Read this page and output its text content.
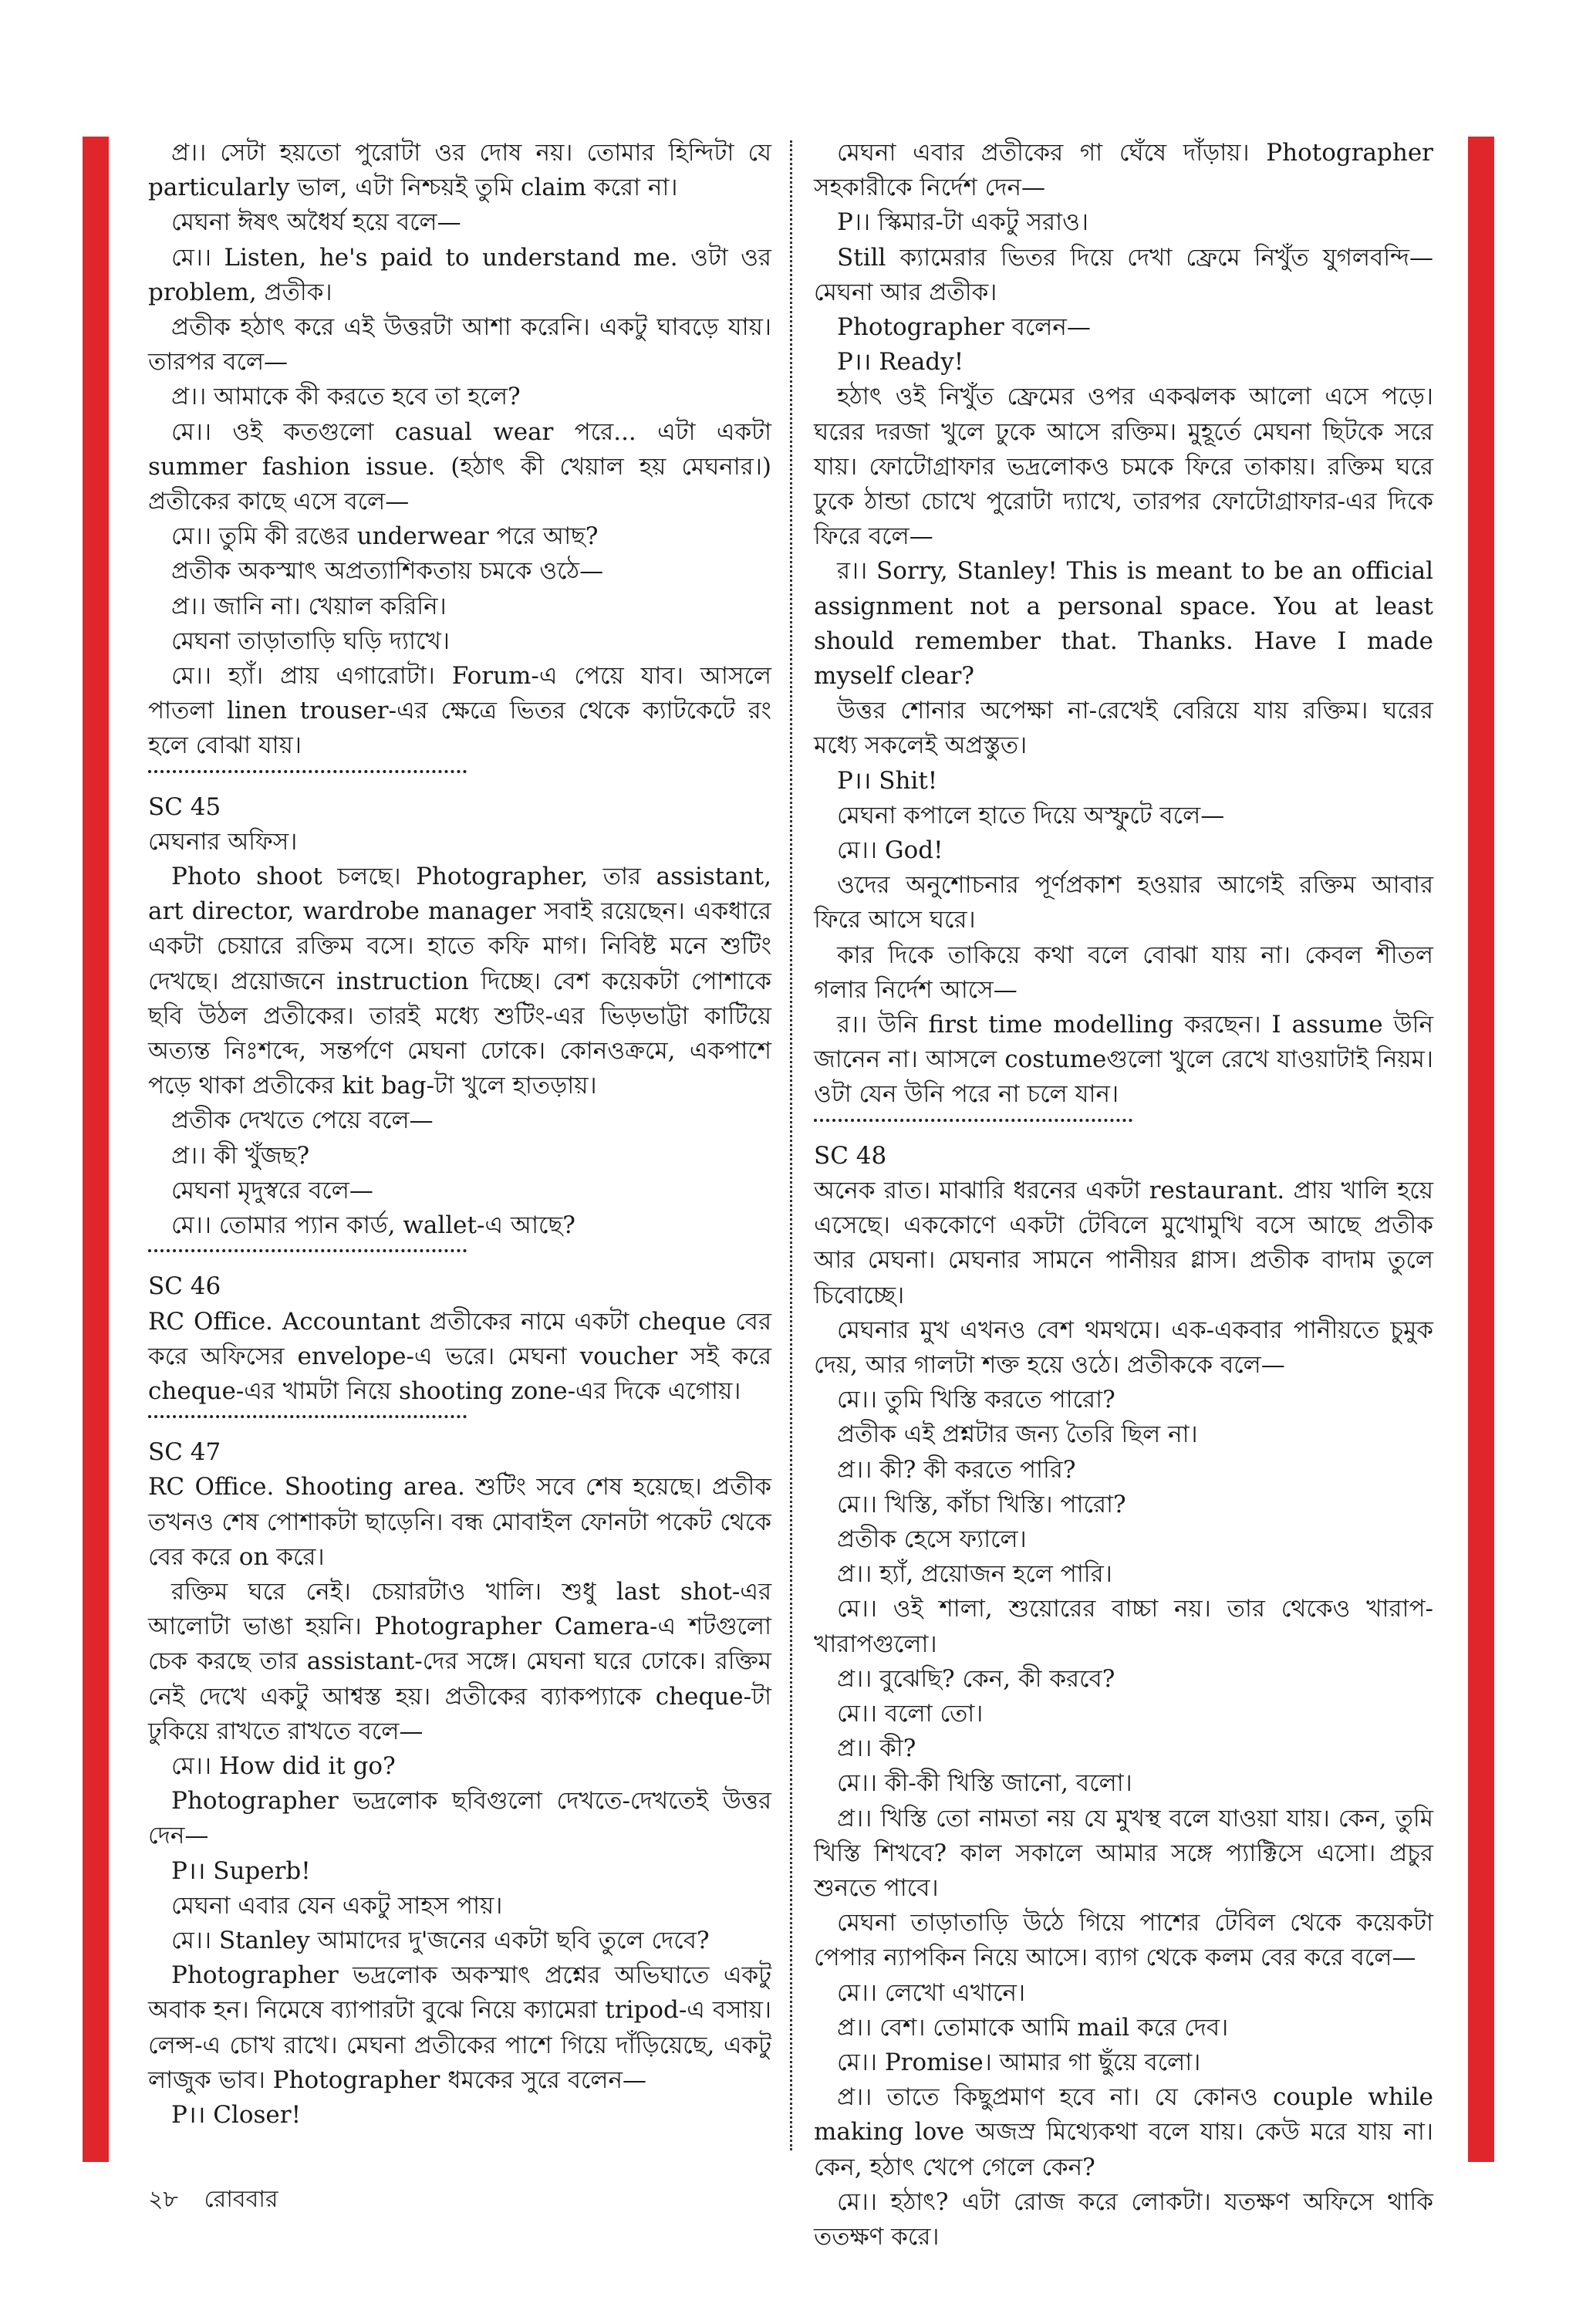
প্র।। সেটা হয়তো পুরোটা ওর দোষ নয়। তোমার হিন্দিটা যে particularly ভাল, এটা নিশ্চয়ই তুমি claim করো না।

মেঘনা ঈষৎ অধৈর্য হয়ে বলে—

মে।। Listen, he's paid to understand me. ওটা ওর problem, প্রতীক।

প্রতীক হঠাৎ করে এই উত্তরটা আশা করেনি। একটু ঘাবড়ে যায়। তারপর বলে—

প্র।। আমাকে কী করতে হবে তা হলে?

মে।। ওই কতগুলো casual wear পরে... এটা একটা summer fashion issue. (হঠাৎ কী খেয়াল হয় মেঘনার।) প্রতীকের কাছে এসে বলে—

মে।। তুমি কী রঙের underwear পরে আছ?

প্রতীক অকস্মাৎ অপ্রত্যাশিকতায় চমকে ওঠে—

প্র।। জানি না। খেয়াল করিনি।

মেঘনা তাড়াতাড়ি ঘড়ি দ্যাখে।

মে।। হ্যাঁ। প্রায় এগারোটা। Forum-এ পেয়ে যাব। আসলে পাতলা linen trouser-এর ক্ষেত্রে ভিতর থেকে ক্যাটকেটে রং হলে বোঝা যায়।

SC 45

মেঘনার অফিস।

Photo shoot চলছে। Photographer, তার assistant, art director, wardrobe manager সবাই রয়েছেন। একধারে একটা চেয়ারে রক্তিম বসে। হাতে কফি মাগ। নিবিষ্ট মনে শুটিং দেখছে। প্রয়োজনে instruction দিচ্ছে। বেশ কয়েকটা পোশাকে ছবি উঠল প্রতীকের। তারই মধ্যে শুটিং-এর ভিড়ভাট্টা কাটিয়ে অত্যন্ত নিঃশব্দে, সন্তর্পণে মেঘনা ঢোকে। কোনওক্রমে, একপাশে পড়ে থাকা প্রতীকের kit bag-টা খুলে হাতড়ায়।

প্রতীক দেখতে পেয়ে বলে—

প্র।। কী খুঁজছ?

মেঘনা মৃদুস্বরে বলে—

মে।। তোমার প্যান কার্ড, wallet-এ আছে?

SC 46

RC Office. Accountant প্রতীকের নামে একটা cheque বের করে অফিসের envelope-এ ভরে। মেঘনা voucher সই করে cheque-এর খামটা নিয়ে shooting zone-এর দিকে এগোয়।

SC 47

RC Office. Shooting area. শুটিং সবে শেষ হয়েছে। প্রতীক তখনও শেষ পোশাকটা ছাড়েনি। বন্ধ মোবাইল ফোনটা পকেট থেকে বের করে on করে।

রক্তিম ঘরে নেই। চেয়ারটাও খালি। শুধু last shot-এর আলোটা ভাঙা হয়নি। Photographer Camera-এ শটগুলো চেক করছে তার assistant-দের সঙ্গে। মেঘনা ঘরে ঢোকে। রক্তিম নেই দেখে একটু আশ্বস্ত হয়। প্রতীকের ব্যাকপ্যাকে cheque-টা ঢুকিয়ে রাখতে রাখতে বলে—

মে।। How did it go?

Photographer ভদ্রলোক ছবিগুলো দেখতে-দেখতেই উত্তর দেন—

P।। Superb!

মেঘনা এবার যেন একটু সাহস পায়।

মে।। Stanley আমাদের দু'জনের একটা ছবি তুলে দেবে?

Photographer ভদ্রলোক অকস্মাৎ প্রশ্নের অভিঘাতে একটু অবাক হন। নিমেষে ব্যাপারটা বুঝে নিয়ে ক্যামেরা tripod-এ বসায়। লেন্স-এ চোখ রাখে। মেঘনা প্রতীকের পাশে গিয়ে দাঁড়িয়েছে, একটু লাজুক ভাব। Photographer ধমকের সুরে বলেন—

P।। Closer!

মেঘনা এবার প্রতীকের গা ঘেঁষে দাঁড়ায়। Photographer সহকারীকে নির্দেশ দেন—

P।। স্কিমার-টা একটু সরাও।

Still ক্যামেরার ভিতর দিয়ে দেখা ফ্রেমে নিখুঁত যুগলবন্দি—মেঘনা আর প্রতীক।

Photographer বলেন—

P।। Ready!

হঠাৎ ওই নিখুঁত ফ্রেমের ওপর একঝলক আলো এসে পড়ে। ঘরের দরজা খুলে ঢুকে আসে রক্তিম। মুহূর্তে মেঘনা ছিটকে সরে যায়। ফোটোগ্রাফার ভদ্রলোকও চমকে ফিরে তাকায়। রক্তিম ঘরে ঢুকে ঠান্ডা চোখে পুরোটা দ্যাখে, তারপর ফোটোগ্রাফার-এর দিকে ফিরে বলে—

র।। Sorry, Stanley! This is meant to be an official assignment not a personal space. You at least should remember that. Thanks. Have I made myself clear?

উত্তর শোনার অপেক্ষা না-রেখেই বেরিয়ে যায় রক্তিম। ঘরের মধ্যে সকলেই অপ্রস্তুত।

P।। Shit!

মেঘনা কপালে হাতে দিয়ে অস্ফুটে বলে—

মে।। God!

ওদের অনুশোচনার পূর্ণপ্রকাশ হওয়ার আগেই রক্তিম আবার ফিরে আসে ঘরে।

কার দিকে তাকিয়ে কথা বলে বোঝা যায় না। কেবল শীতল গলার নির্দেশ আসে—

র।। উনি first time modelling করছেন। I assume উনি জানেন না। আসলে costumeগুলো খুলে রেখে যাওয়াটাই নিয়ম। ওটা যেন উনি পরে না চলে যান।

SC 48

অনেক রাত। মাঝারি ধরনের একটা restaurant. প্রায় খালি হয়ে এসেছে। এককোণে একটা টেবিলে মুখোমুখি বসে আছে প্রতীক আর মেঘনা। মেঘনার সামনে পানীয়র গ্লাস। প্রতীক বাদাম তুলে চিবোচ্ছে।

মেঘনার মুখ এখনও বেশ থমথমে। এক-একবার পানীয়তে চুমুক দেয়, আর গালটা শক্ত হয়ে ওঠে। প্রতীককে বলে—

মে।। তুমি খিস্তি করতে পারো?

প্রতীক এই প্রশ্নটার জন্য তৈরি ছিল না।

প্র।। কী? কী করতে পারি?

মে।। খিস্তি, কাঁচা খিস্তি। পারো?

প্রতীক হেসে ফ্যালে।

প্র।। হ্যাঁ, প্রয়োজন হলে পারি।

মে।। ওই শালা, শুয়োরের বাচ্চা নয়। তার থেকেও খারাপ-খারাপগুলো।

প্র।। বুঝেছি? কেন, কী করবে?

মে।। বলো তো।

প্র।। কী?

মে।। কী-কী খিস্তি জানো, বলো।

প্র।। খিস্তি তো নামতা নয় যে মুখস্থ বলে যাওয়া যায়। কেন, তুমি খিস্তি শিখবে? কাল সকালে আমার সঙ্গে প্যাক্টিসে এসো। প্রচুর শুনতে পাবে।

মেঘনা তাড়াতাড়ি উঠে গিয়ে পাশের টেবিল থেকে কয়েকটা পেপার ন্যাপকিন নিয়ে আসে। ব্যাগ থেকে কলম বের করে বলে—

মে।। লেখো এখানে।

প্র।। বেশ। তোমাকে আমি mail করে দেব।

মে।। Promise। আমার গা ছুঁয়ে বলো।

প্র।। তাতে কিছুপ্রমাণ হবে না। যে কোনও couple while making love অজস্র মিথ্যেকথা বলে যায়। কেউ মরে যায় না। কেন, হঠাৎ খেপে গেলে কেন?

মে।। হঠাৎ? এটা রোজ করে লোকটা। যতক্ষণ অফিসে থাকি ততক্ষণ করে।

২৮ রোববার
